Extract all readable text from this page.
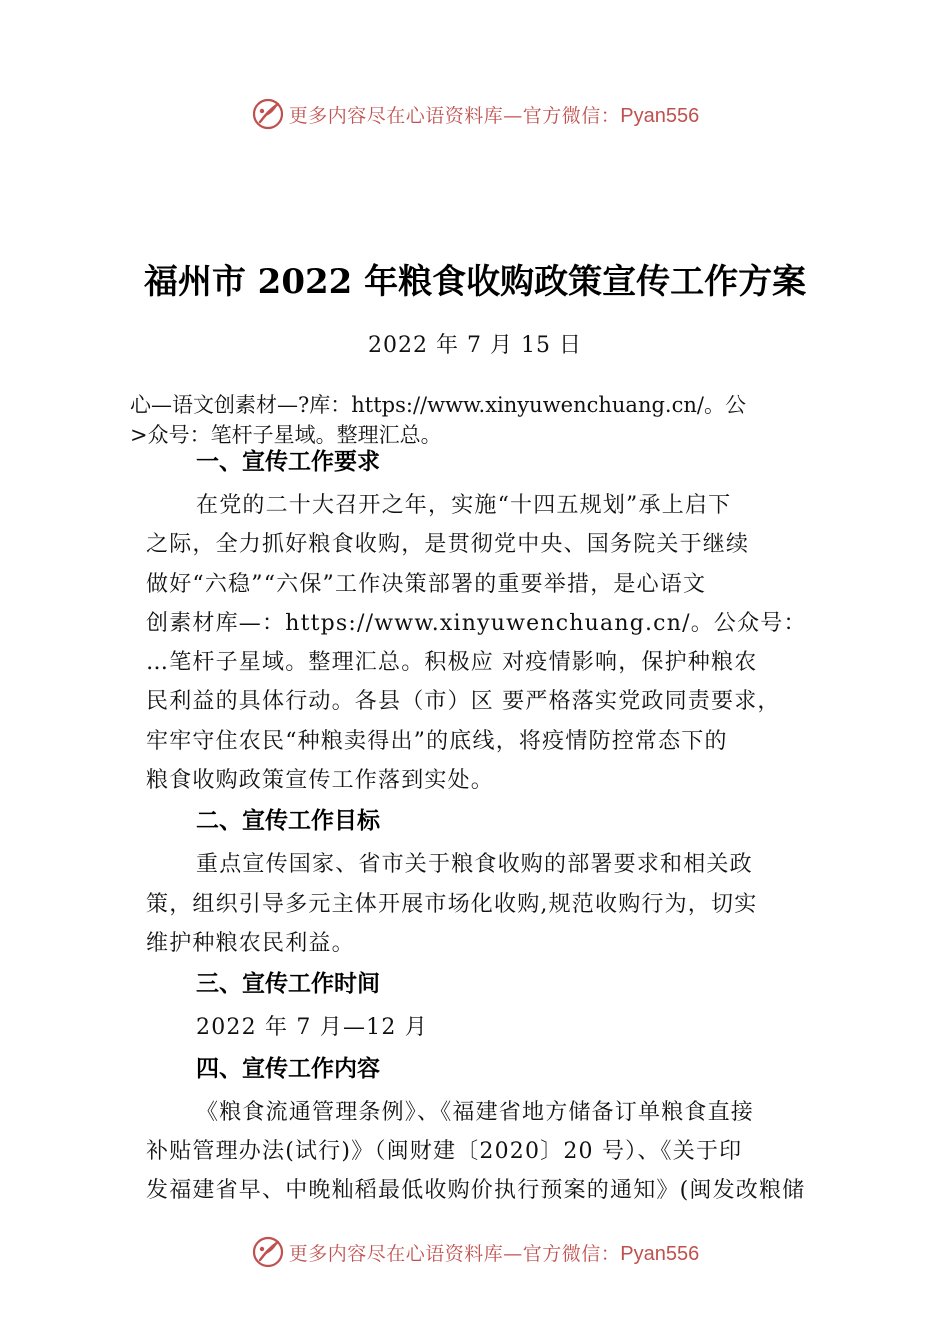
更多内容尽在心语资料库—官方微信：Pyan556
福州市 2022 年粮食收购政策宣传工作方案
2022 年 7 月 15 日
心—语文创素材—?库：https://www.xinyuwenchuang.cn/。公
>众号：笔杆子星域。整理汇总。
一、宣传工作要求
在党的二十大召开之年，实施“十四五规划”承上启下
之际，全力抓好粮食收购，是贯彻党中央、国务院关于继续
做好“六稳”“六保”工作决策部署的重要举措，是心语文
创素材库—：https://www.xinyuwenchuang.cn/。公众号：
…笔杆子星域。整理汇总。积极应 对疫情影响，保护种粮农
民利益的具体行动。各县（市）区 要严格落实党政同责要求，
牢牢守住农民“种粮卖得出”的底线，将疫情防控常态下的
粮食收购政策宣传工作落到实处。
二、宣传工作目标
重点宣传国家、省市关于粮食收购的部署要求和相关政
策，组织引导多元主体开展市场化收购,规范收购行为，切实
维护种粮农民利益。
三、宣传工作时间
2022 年 7 月—12 月
四、宣传工作内容
《粮食流通管理条例》、《福建省地方储备订单粮食直接
补贴管理办法(试行)》（闽财建〔2020〕20 号）、《关于印
发福建省早、中晚籼稻最低收购价执行预案的通知》(闽发改粮储
更多内容尽在心语资料库—官方微信：Pyan556
